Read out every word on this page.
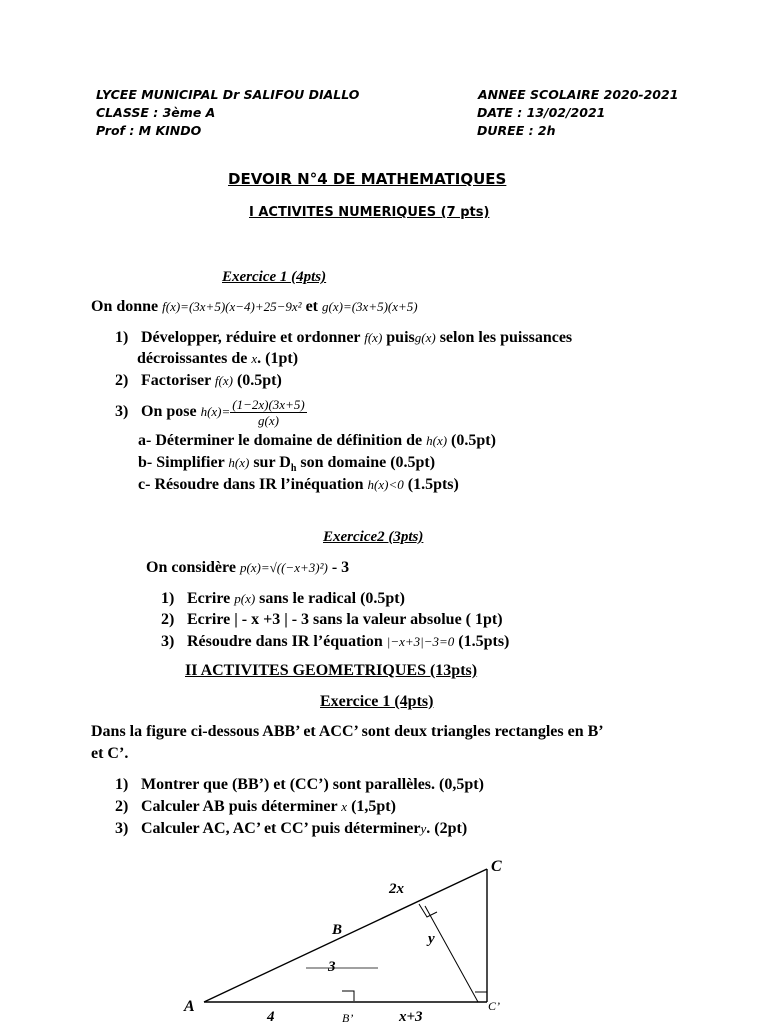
LYCEE MUNICIPAL Dr SALIFOU DIALLO
CLASSE : 3ème A
Prof : M KINDO
ANNEE SCOLAIRE 2020-2021
DATE : 13/02/2021
DUREE : 2h
DEVOIR N°4 DE MATHEMATIQUES
I ACTIVITES NUMERIQUES (7 pts)
Exercice 1 (4pts)
On donne f(x)=(3x+5)(x−4)+25−9x² et g(x)=(3x+5)(x+5)
1) Développer, réduire et ordonner f(x) puisg(x) selon les puissances
décroissantes de x. (1pt)
2) Factoriser f(x) (0.5pt)
3) On pose $h(x)= \frac{(1-2x)(3x+5)}{g(x)}$
a- Déterminer le domaine de définition de h(x) (0.5pt)
b- Simplifier h(x) sur $D_h$ son domaine (0.5pt)
c- Résoudre dans IR l’inéquation h(x)<0 (1.5pts)
Exercice2 (3pts)
On considère p(x)=√((−x+3)²) - 3
1) Ecrire p(x) sans le radical (0.5pt)
2) Ecrire | - x +3 | - 3 sans la valeur absolue ( 1pt)
3) Résoudre dans IR l’équation |−x+3|−3=0 (1.5pts)
II ACTIVITES GEOMETRIQUES (13pts)
Exercice 1 (4pts)
Dans la figure ci-dessous ABB’ et ACC’ sont deux triangles rectangles en B’
et C’.
1) Montrer que (BB’) et (CC’) sont parallèles. (0,5pt)
2) Calculer AB puis déterminer x (1,5pt)
3) Calculer AC, AC’ et CC’ puis déterminery. (2pt)
A
B
C
B’
C’
2x
y
3
4	x+3
